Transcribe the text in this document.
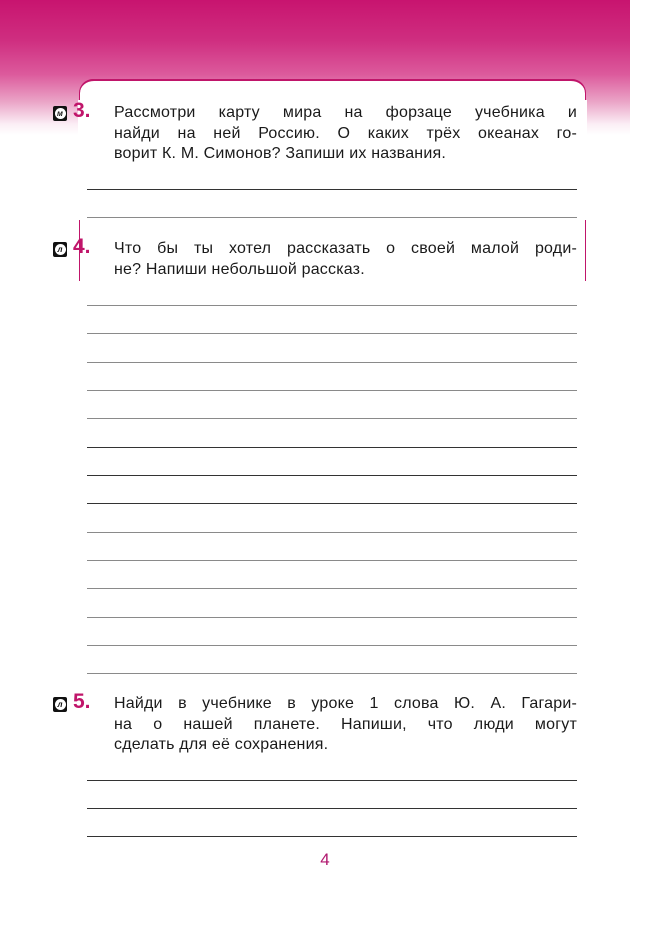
м 3. Рассмотри карту мира на форзаце учебника и
найди на ней Россию. О каких трёх океанах го-
ворит К. М. Симонов? Запиши их названия.
л 4. Что бы ты хотел рассказать о своей малой роди-
не? Напиши небольшой рассказ.
л 5. Найди в учебнике в уроке 1 слова Ю. А. Гагари-
на о нашей планете. Напиши, что люди могут
сделать для её сохранения.
4
